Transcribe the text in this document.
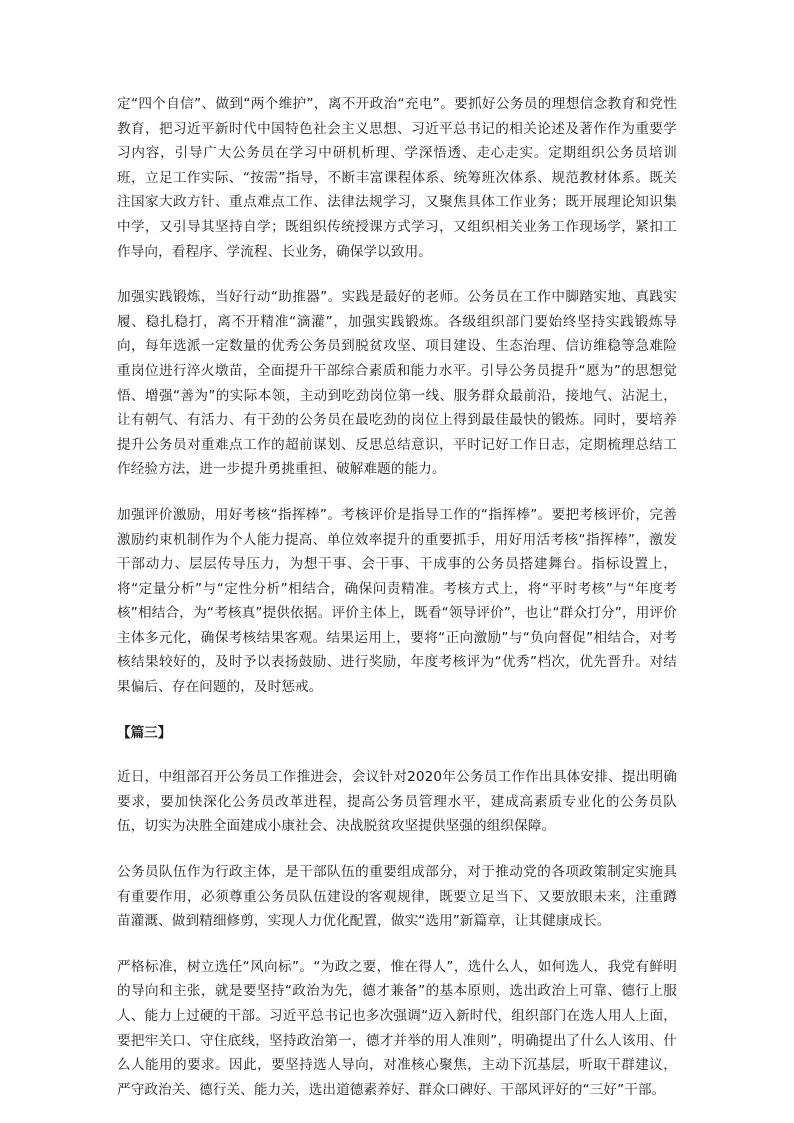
定“四个自信”、做到“两个维护”，离不开政治“充电”。要抓好公务员的理想信念教育和党性教育，把习近平新时代中国特色社会主义思想、习近平总书记的相关论述及著作作为重要学习内容，引导广大公务员在学习中研机析理、学深悟透、走心走实。定期组织公务员培训班，立足工作实际、“按需”指导，不断丰富课程体系、统筹班次体系、规范教材体系。既关注国家大政方针、重点难点工作、法律法规学习，又聚焦具体工作业务；既开展理论知识集中学，又引导其坚持自学；既组织传统授课方式学习，又组织相关业务工作现场学，紧扣工作导向，看程序、学流程、长业务，确保学以致用。

加强实践锻炼，当好行动“助推器”。实践是最好的老师。公务员在工作中脚踏实地、真践实履、稳扎稳打，离不开精准“滴灌”，加强实践锻炼。各级组织部门要始终坚持实践锻炼导向，每年选派一定数量的优秀公务员到脱贫攻坚、项目建设、生态治理、信访维稳等急难险重岗位进行淬火墩苗，全面提升干部综合素质和能力水平。引导公务员提升“愿为”的思想觉悟、增强“善为”的实际本领，主动到吃劲岗位第一线、服务群众最前沿，接地气、沾泥土，让有朝气、有活力、有干劲的公务员在最吃劲的岗位上得到最佳最快的锻炼。同时，要培养提升公务员对重难点工作的超前谋划、反思总结意识，平时记好工作日志，定期梳理总结工作经验方法，进一步提升勇挑重担、破解难题的能力。

加强评价激励，用好考核“指挥棒”。考核评价是指导工作的“指挥棒”。要把考核评价，完善激励约束机制作为个人能力提高、单位效率提升的重要抓手，用好用活考核“指挥棒”，激发干部动力、层层传导压力，为想干事、会干事、干成事的公务员搭建舞台。指标设置上，将“定量分析”与“定性分析”相结合，确保问责精准。考核方式上，将“平时考核”与“年度考核”相结合，为“考核真”提供依据。评价主体上，既看“领导评价”，也让“群众打分”，用评价主体多元化，确保考核结果客观。结果运用上，要将“正向激励”与“负向督促”相结合，对考核结果较好的，及时予以表扬鼓励、进行奖励，年度考核评为“优秀”档次，优先晋升。对结果偏后、存在问题的，及时惩戒。

【篇三】

近日，中组部召开公务员工作推进会，会议针对2020年公务员工作作出具体安排、提出明确要求，要加快深化公务员改革进程，提高公务员管理水平，建成高素质专业化的公务员队伍，切实为决胜全面建成小康社会、决战脱贫攻坚提供坚强的组织保障。

公务员队伍作为行政主体，是干部队伍的重要组成部分，对于推动党的各项政策制定实施具有重要作用，必须尊重公务员队伍建设的客观规律，既要立足当下、又要放眼未来，注重蹲苗灌溉、做到精细修剪，实现人力优化配置，做实“选用”新篇章，让其健康成长。

严格标准，树立选任“风向标”。“为政之要，惟在得人”，选什么人，如何选人，我党有鲜明的导向和主张，就是要坚持“政治为先，德才兼备”的基本原则，选出政治上可靠、德行上服人、能力上过硬的干部。习近平总书记也多次强调“迈入新时代，组织部门在选人用人上面，要把牢关口、守住底线，坚持政治第一，德才并举的用人准则”，明确提出了什么人该用、什么人能用的要求。因此，要坚持选人导向，对准核心聚焦，主动下沉基层，听取干群建议，严守政治关、德行关、能力关，选出道德素养好、群众口碑好、干部风评好的“三好”干部。
